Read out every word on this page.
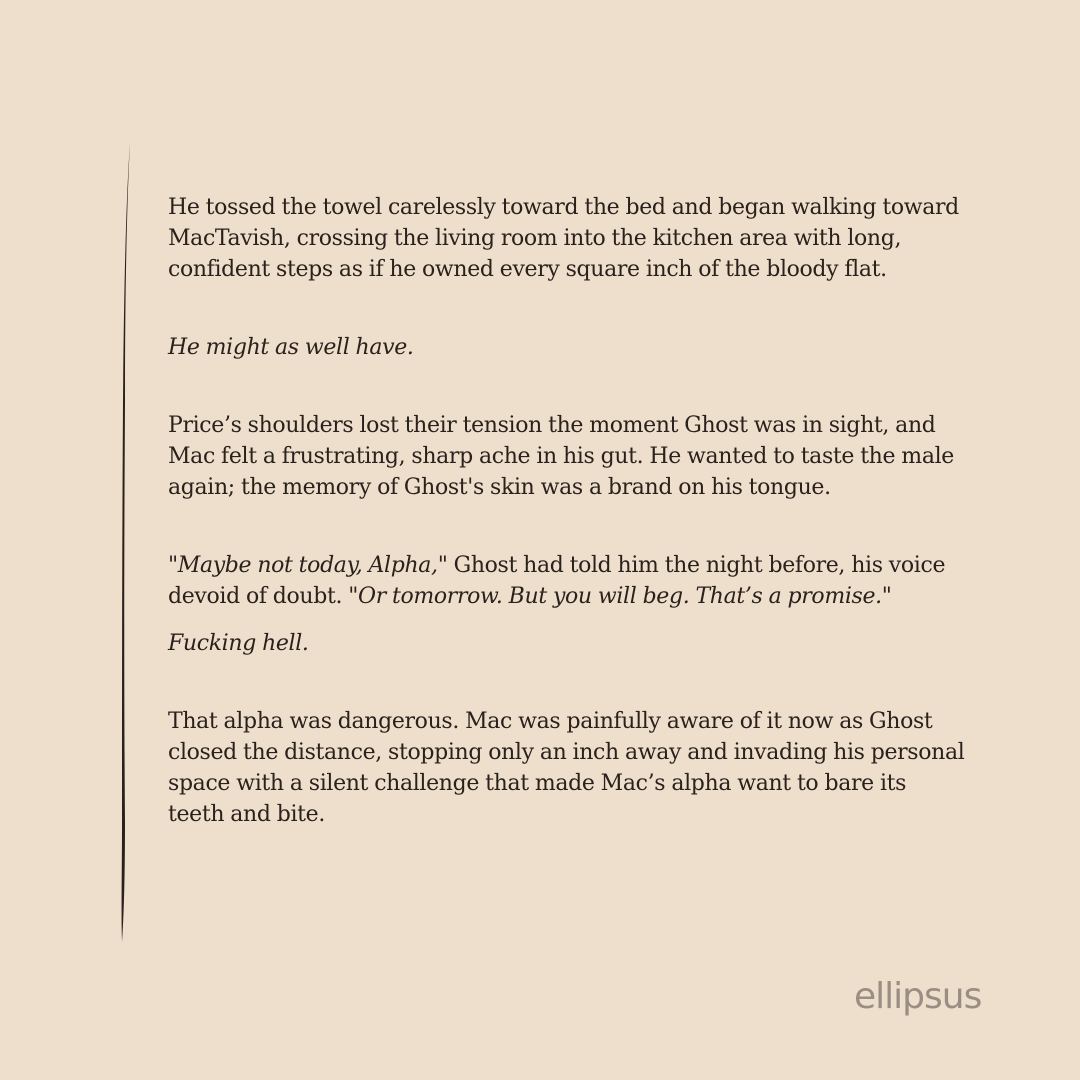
He tossed the towel carelessly toward the bed and began walking toward MacTavish, crossing the living room into the kitchen area with long, confident steps as if he owned every square inch of the bloody flat.

He might as well have.

Price’s shoulders lost their tension the moment Ghost was in sight, and Mac felt a frustrating, sharp ache in his gut. He wanted to taste the male again; the memory of Ghost's skin was a brand on his tongue.

"Maybe not today, Alpha," Ghost had told him the night before, his voice devoid of doubt. "Or tomorrow. But you will beg. That’s a promise."

Fucking hell.

That alpha was dangerous. Mac was painfully aware of it now as Ghost closed the distance, stopping only an inch away and invading his personal space with a silent challenge that made Mac’s alpha want to bare its teeth and bite.

ellipsus
